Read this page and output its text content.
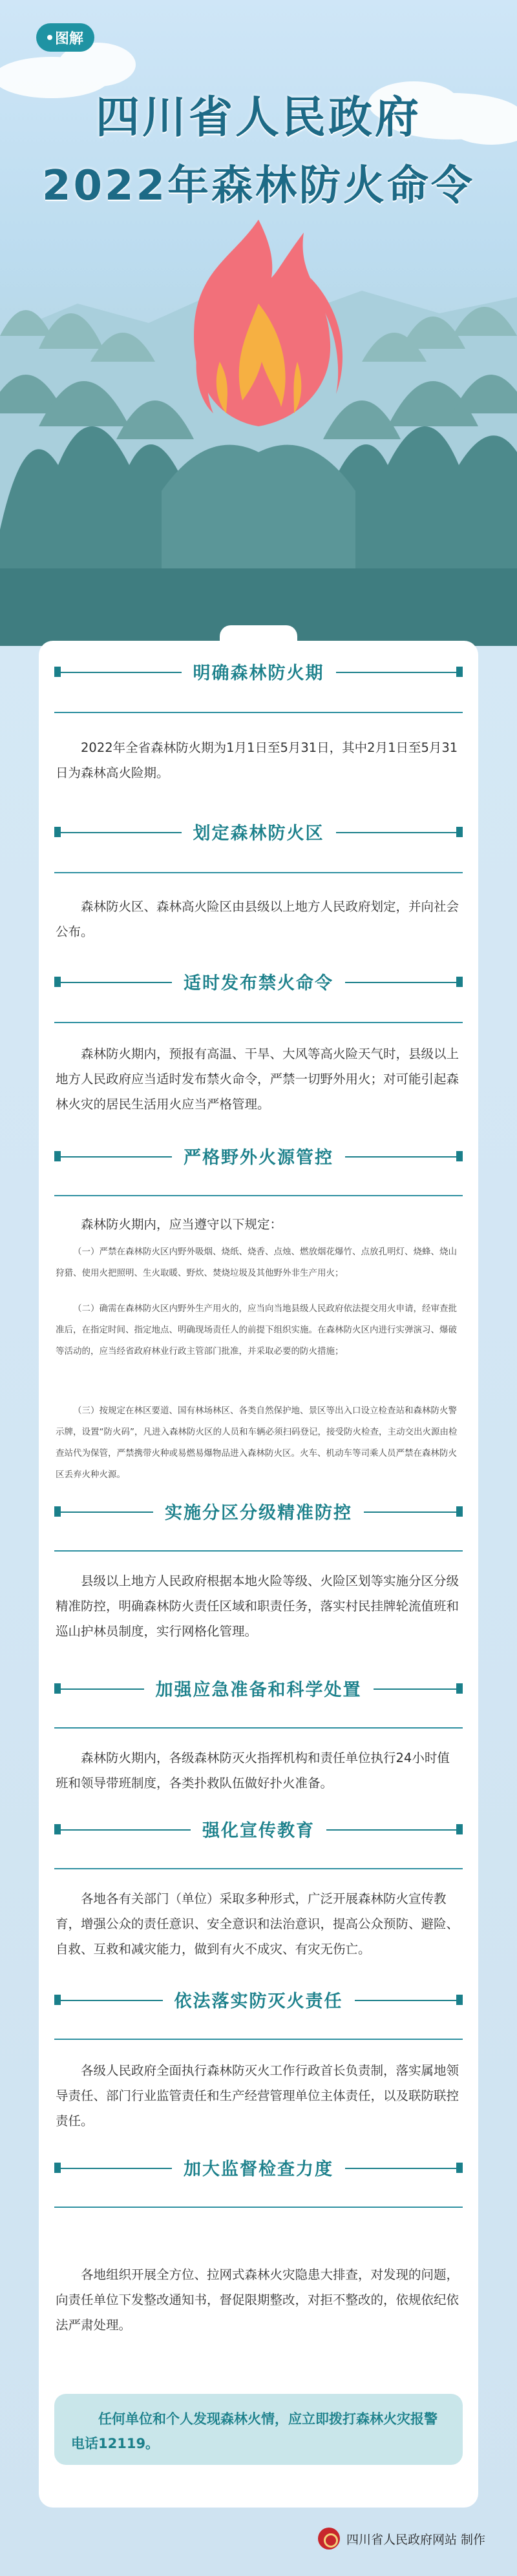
图解
四川省人民政府
2022年森林防火命令
明确森林防火期
2022年全省森林防火期为1月1日至5月31日，其中2月1日至5月31日为森林高火险期。
划定森林防火区
森林防火区、森林高火险区由县级以上地方人民政府划定，并向社会公布。
适时发布禁火命令
森林防火期内，预报有高温、干旱、大风等高火险天气时，县级以上地方人民政府应当适时发布禁火命令，严禁一切野外用火；对可能引起森林火灾的居民生活用火应当严格管理。
严格野外火源管控
森林防火期内，应当遵守以下规定：
（一）严禁在森林防火区内野外吸烟、烧纸、烧香、点烛、燃放烟花爆竹、点放孔明灯、烧蜂、烧山狩猎、使用火把照明、生火取暖、野炊、焚烧垃圾及其他野外非生产用火；
（二）确需在森林防火区内野外生产用火的，应当向当地县级人民政府依法提交用火申请，经审查批准后，在指定时间、指定地点、明确现场责任人的前提下组织实施。在森林防火区内进行实弹演习、爆破等活动的，应当经省政府林业行政主管部门批准，并采取必要的防火措施；
（三）按规定在林区要道、国有林场林区、各类自然保护地、景区等出入口设立检查站和森林防火警示牌，设置“防火码”，凡进入森林防火区的人员和车辆必须扫码登记，接受防火检查，主动交出火源由检查站代为保管，严禁携带火种或易燃易爆物品进入森林防火区。火车、机动车等司乘人员严禁在森林防火区丢弃火种火源。
实施分区分级精准防控
县级以上地方人民政府根据本地火险等级、火险区划等实施分区分级精准防控，明确森林防火责任区域和职责任务，落实村民挂牌轮流值班和巡山护林员制度，实行网格化管理。
加强应急准备和科学处置
森林防火期内，各级森林防灭火指挥机构和责任单位执行24小时值班和领导带班制度，各类扑救队伍做好扑火准备。
强化宣传教育
各地各有关部门（单位）采取多种形式，广泛开展森林防火宣传教育，增强公众的责任意识、安全意识和法治意识，提高公众预防、避险、自救、互救和减灾能力，做到有火不成灾、有灾无伤亡。
依法落实防灭火责任
各级人民政府全面执行森林防灭火工作行政首长负责制，落实属地领导责任、部门行业监管责任和生产经营管理单位主体责任，以及联防联控责任。
加大监督检查力度
各地组织开展全方位、拉网式森林火灾隐患大排查，对发现的问题，向责任单位下发整改通知书，督促限期整改，对拒不整改的，依规依纪依法严肃处理。
任何单位和个人发现森林火情，应立即拨打森林火灾报警电话12119。
四川省人民政府网站 制作
